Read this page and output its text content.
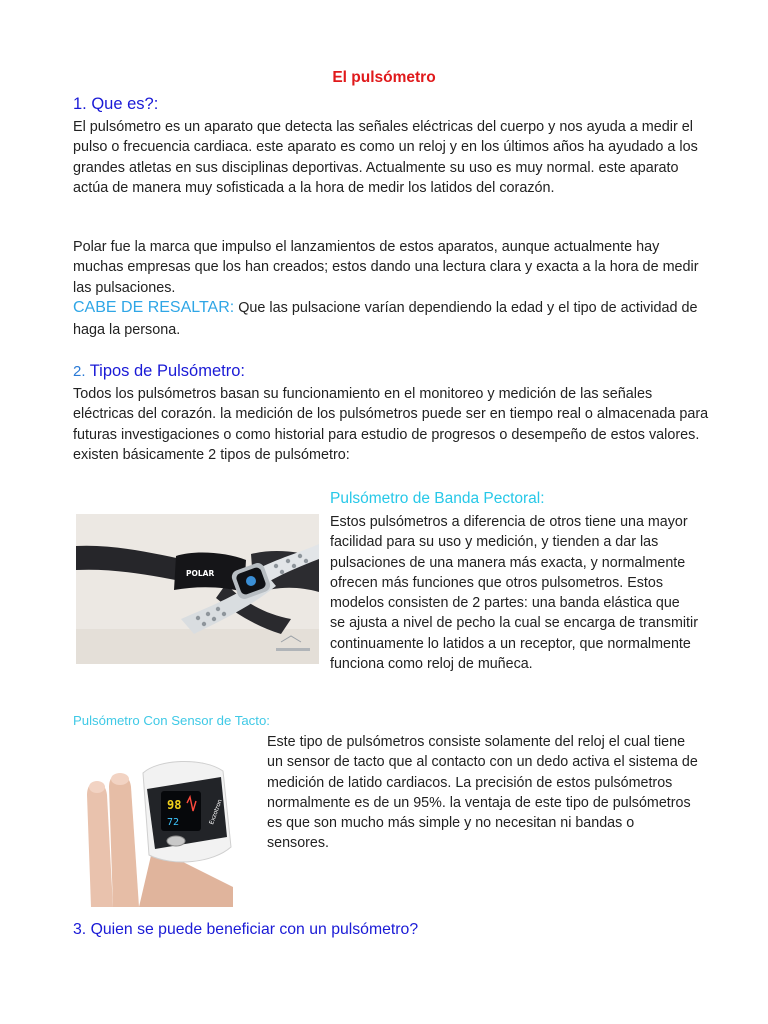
El pulsómetro
1. Que es?:
El pulsómetro es un aparato que detecta las señales eléctricas del cuerpo y nos ayuda a medir el pulso o frecuencia cardiaca. este aparato es como un reloj y en los últimos años ha ayudado a los grandes atletas en sus disciplinas deportivas. Actualmente su uso es muy normal. este aparato actúa de manera muy sofisticada a la hora de medir los latidos del corazón.
Polar fue la marca que impulso el lanzamientos de estos aparatos, aunque actualmente hay muchas empresas que los han creados; estos dando una lectura clara y exacta a la hora de medir las pulsaciones.
CABE DE RESALTAR: Que las pulsacione varían dependiendo la edad y el tipo de actividad de haga la persona.
2. Tipos de Pulsómetro:
Todos los pulsómetros basan su funcionamiento en el monitoreo y medición de las señales eléctricas del corazón. la medición de los pulsómetros puede ser en tiempo real o almacenada para futuras investigaciones o como historial para estudio de progresos o desempeño de estos valores. existen básicamente 2 tipos de pulsómetro:
Pulsómetro de Banda Pectoral:
Estos pulsómetros a diferencia de otros tiene una mayor facilidad para su uso y medición, y tienden a dar las pulsaciones de una manera más exacta, y normalmente ofrecen más funciones que otros pulsometros. Estos modelos consisten de 2 partes: una banda elástica que se ajusta a nivel de pecho la cual se encarga de transmitir continuamente lo latidos a un receptor, que normalmente funciona como reloj de muñeca.
POLAR
Pulsómetro Con Sensor de Tacto:
Este tipo de pulsómetros consiste solamente del reloj el cual tiene un sensor de tacto que al contacto con un dedo activa el sistema de medición de latido cardiacos. La precisión de estos pulsómetros normalmente es de un 95%. la ventaja de este tipo de pulsómetros es que son mucho más simple y no necesitan ni bandas o sensores.
98
72	Exzotron
3. Quien se puede beneficiar con un pulsómetro?
